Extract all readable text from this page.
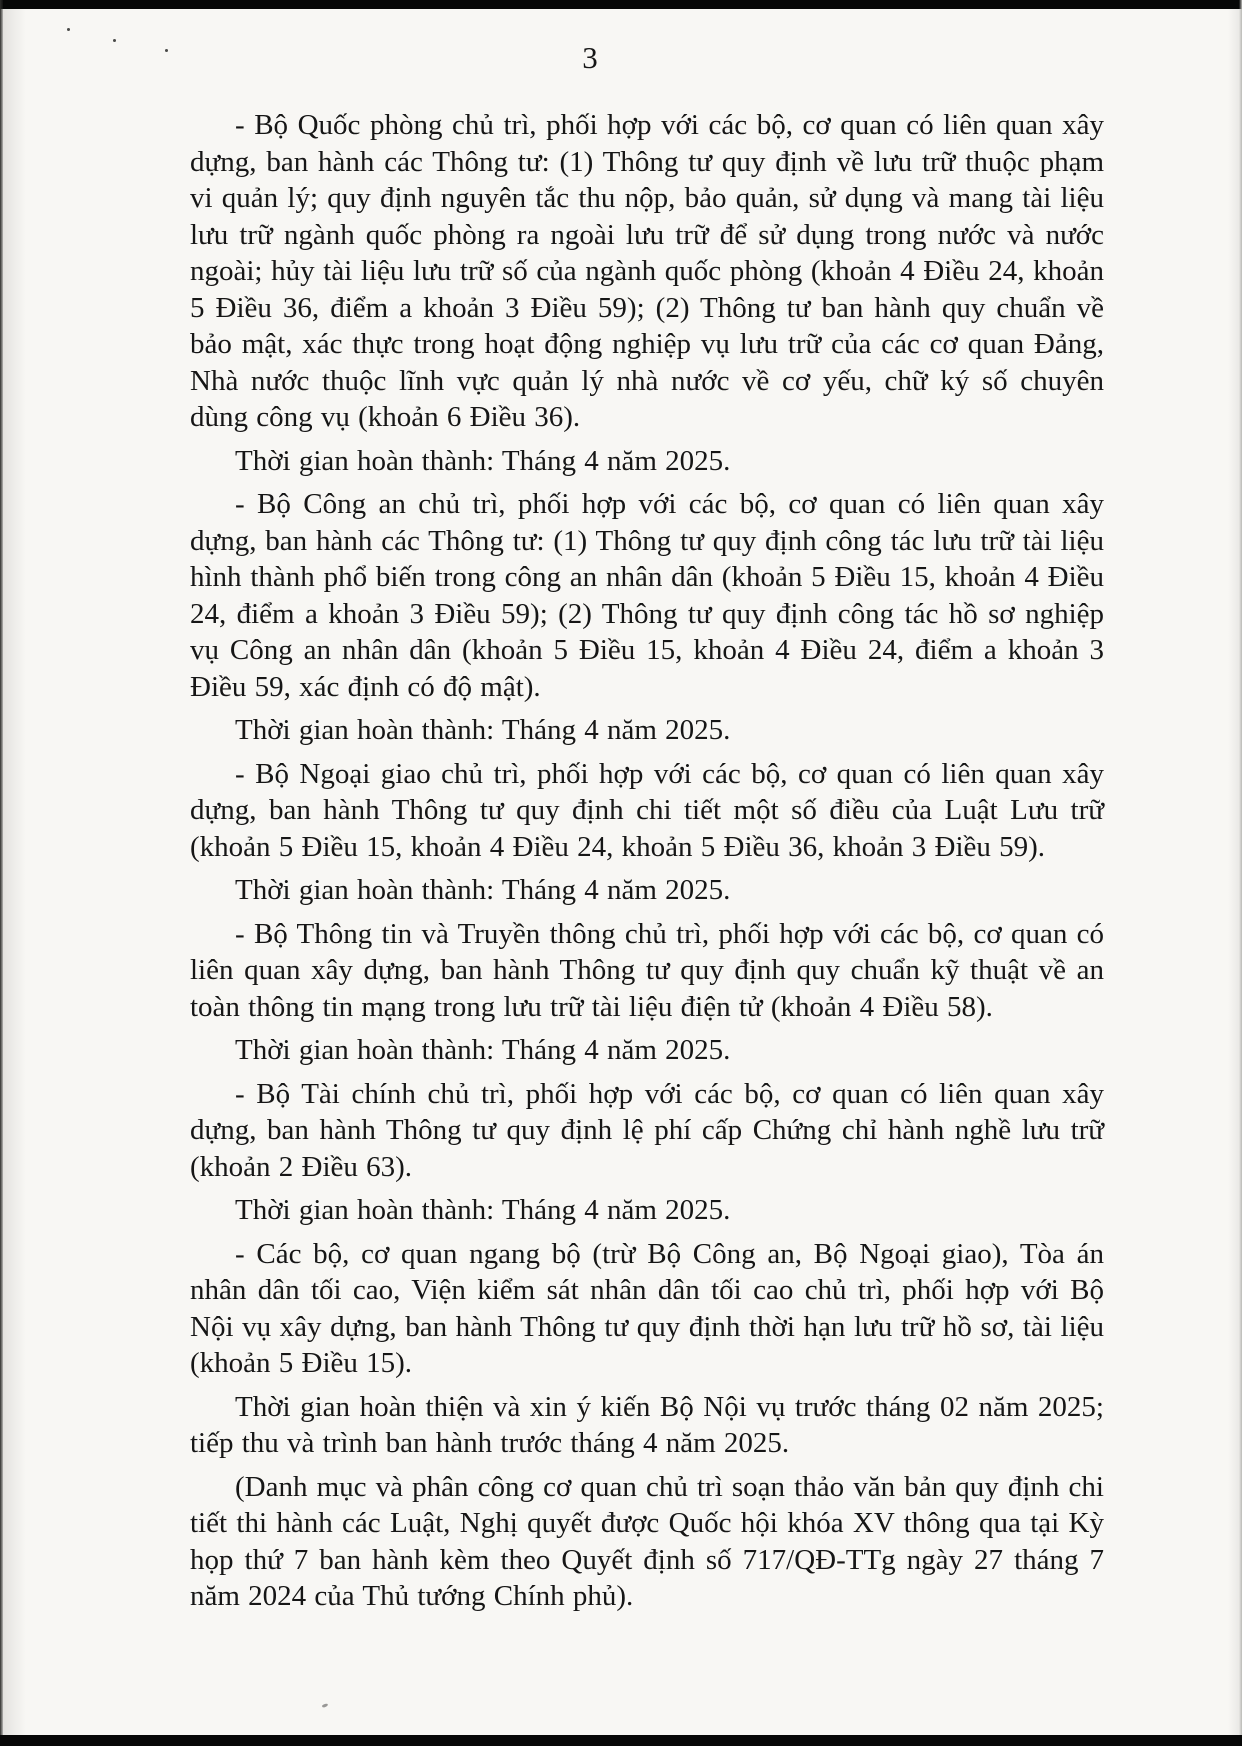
3

- Bộ Quốc phòng chủ trì, phối hợp với các bộ, cơ quan có liên quan xây dựng, ban hành các Thông tư: (1) Thông tư quy định về lưu trữ thuộc phạm vi quản lý; quy định nguyên tắc thu nộp, bảo quản, sử dụng và mang tài liệu lưu trữ ngành quốc phòng ra ngoài lưu trữ để sử dụng trong nước và nước ngoài; hủy tài liệu lưu trữ số của ngành quốc phòng (khoản 4 Điều 24, khoản 5 Điều 36, điểm a khoản 3 Điều 59); (2) Thông tư ban hành quy chuẩn về bảo mật, xác thực trong hoạt động nghiệp vụ lưu trữ của các cơ quan Đảng, Nhà nước thuộc lĩnh vực quản lý nhà nước về cơ yếu, chữ ký số chuyên dùng công vụ (khoản 6 Điều 36).

Thời gian hoàn thành: Tháng 4 năm 2025.

- Bộ Công an chủ trì, phối hợp với các bộ, cơ quan có liên quan xây dựng, ban hành các Thông tư: (1) Thông tư quy định công tác lưu trữ tài liệu hình thành phổ biến trong công an nhân dân (khoản 5 Điều 15, khoản 4 Điều 24, điểm a khoản 3 Điều 59); (2) Thông tư quy định công tác hồ sơ nghiệp vụ Công an nhân dân (khoản 5 Điều 15, khoản 4 Điều 24, điểm a khoản 3 Điều 59, xác định có độ mật).

Thời gian hoàn thành: Tháng 4 năm 2025.

- Bộ Ngoại giao chủ trì, phối hợp với các bộ, cơ quan có liên quan xây dựng, ban hành Thông tư quy định chi tiết một số điều của Luật Lưu trữ (khoản 5 Điều 15, khoản 4 Điều 24, khoản 5 Điều 36, khoản 3 Điều 59).

Thời gian hoàn thành: Tháng 4 năm 2025.

- Bộ Thông tin và Truyền thông chủ trì, phối hợp với các bộ, cơ quan có liên quan xây dựng, ban hành Thông tư quy định quy chuẩn kỹ thuật về an toàn thông tin mạng trong lưu trữ tài liệu điện tử (khoản 4 Điều 58).

Thời gian hoàn thành: Tháng 4 năm 2025.

- Bộ Tài chính chủ trì, phối hợp với các bộ, cơ quan có liên quan xây dựng, ban hành Thông tư quy định lệ phí cấp Chứng chỉ hành nghề lưu trữ (khoản 2 Điều 63).

Thời gian hoàn thành: Tháng 4 năm 2025.

- Các bộ, cơ quan ngang bộ (trừ Bộ Công an, Bộ Ngoại giao), Tòa án nhân dân tối cao, Viện kiểm sát nhân dân tối cao chủ trì, phối hợp với Bộ Nội vụ xây dựng, ban hành Thông tư quy định thời hạn lưu trữ hồ sơ, tài liệu (khoản 5 Điều 15).

Thời gian hoàn thiện và xin ý kiến Bộ Nội vụ trước tháng 02 năm 2025; tiếp thu và trình ban hành trước tháng 4 năm 2025.

(Danh mục và phân công cơ quan chủ trì soạn thảo văn bản quy định chi tiết thi hành các Luật, Nghị quyết được Quốc hội khóa XV thông qua tại Kỳ họp thứ 7 ban hành kèm theo Quyết định số 717/QĐ-TTg ngày 27 tháng 7 năm 2024 của Thủ tướng Chính phủ).
